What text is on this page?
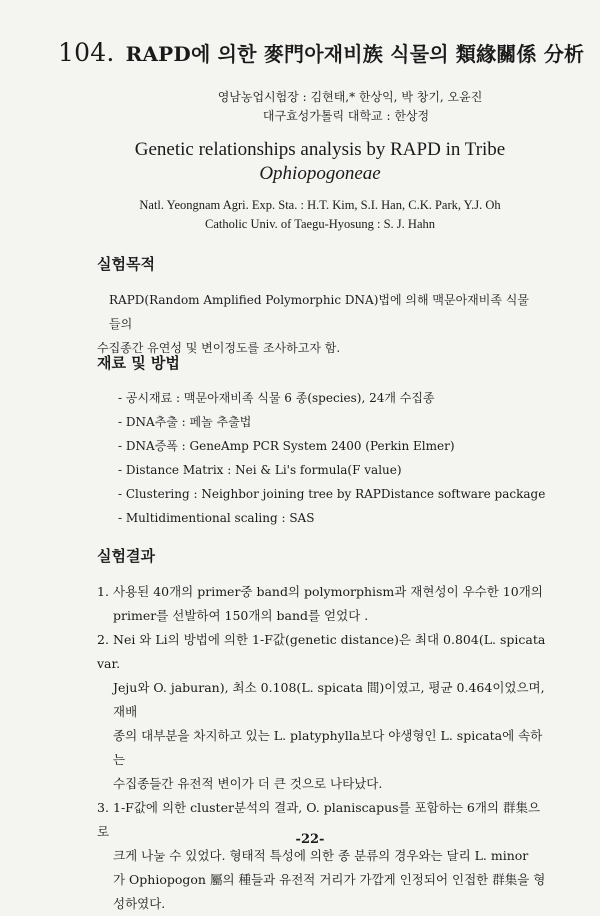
104. RAPD에 의한 麥門아재비族 식물의 類緣關係 分析
영남농업시험장 : 김현태,* 한상익, 박 창기, 오윤진
대구효성가톨릭 대학교 : 한상정
Genetic relationships analysis by RAPD in Tribe
Ophiopogoneae
Natl. Yeongnam Agri. Exp. Sta. : H.T. Kim, S.I. Han, C.K. Park, Y.J. Oh
Catholic Univ. of Taegu-Hyosung : S. J. Hahn
실험목적
RAPD(Random Amplified Polymorphic DNA)법에 의해 맥문아재비족 식물들의
수집종간 유연성 및 변이정도를 조사하고자 함.
재료 및 방법
- 공시재료 : 맥문아재비족 식물 6 종(species), 24개 수집종
- DNA추출 : 페놀 추출법
- DNA증폭 : GeneAmp PCR System 2400 (Perkin Elmer)
- Distance Matrix : Nei & Li's formula(F value)
- Clustering : Neighbor joining tree by RAPDistance software package
- Multidimentional scaling : SAS
실험결과
1. 사용된 40개의 primer중 band의 polymorphism과 재현성이 우수한 10개의
primer를 선발하여 150개의 band를 얻었다 .
2. Nei 와 Li의 방법에 의한 1-F값(genetic distance)은 최대 0.804(L. spicata var.
Jeju와 O. jaburan), 최소 0.108(L. spicata 間)이였고, 평균 0.464이었으며, 재배
종의 대부분을 차지하고 있는 L. platyphylla보다 야생형인 L. spicata에 속하는
수집종들간 유전적 변이가 더 큰 것으로 나타났다.
3. 1-F값에 의한 cluster분석의 결과, O. planiscapus를 포함하는 6개의 群集으로
크게 나눌 수 있었다. 형태적 특성에 의한 종 분류의 경우와는 달리 L. minor
가 Ophiopogon 屬의 種들과 유전적 거리가 가깝게 인정되어 인접한 群集을 형
성하였다.
-22-
